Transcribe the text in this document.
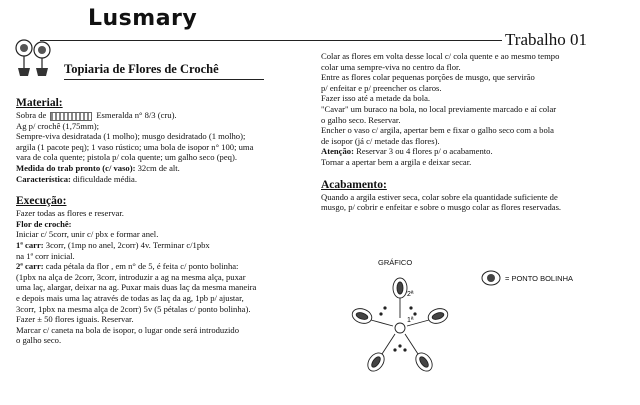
Lusmary
Trabalho 01
Topiaria de Flores de Crochê

Material:

Sobra de	Esmeralda n° 8/3 (cru).

Ag p/ crochê (1,75mm);

Sempre-viva desidratada (1 molho); musgo desidratado (1 molho);

argila (1 pacote peq); 1 vaso rústico; uma bola de isopor n° 100; uma

vara de cola quente; pistola p/ cola quente; um galho seco (peq).

Medida do trab pronto (c/ vaso): 32cm de alt.

Característica: dificuldade média.

Execução:

Fazer todas as flores e reservar.

Flor de crochê:

Iniciar c/ 5corr, unir c/ pbx e formar anel.

1ª carr: 3corr, (1mp no anel, 2corr) 4v. Terminar c/1pbx

na 1ª corr inicial.

2ª carr: cada pétala da flor , em n° de 5, é feita c/ ponto bolinha:

(1pbx na alça de 2corr, 3corr, introduzir a ag na mesma alça, puxar

uma laç, alargar, deixar na ag. Puxar mais duas laç da mesma maneira

e depois mais uma laç através de todas as laç da ag, 1pb p/ ajustar,

3corr, 1pbx na mesma alça de 2corr) 5v (5 pétalas c/ ponto bolinha).

Fazer ± 50 flores iguais. Reservar.

Marcar c/ caneta na bola de isopor, o lugar onde será introduzido

o galho seco.

Colar as flores em volta desse local c/ cola quente e ao mesmo tempo

colar uma sempre-viva no centro da flor.

Entre as flores colar pequenas porções de musgo, que servirão

p/ enfeitar e p/ preencher os claros.

Fazer isso até a metade da bola.

"Cavar" um buraco na bola, no local previamente marcado e aí colar

o galho seco. Reservar.

Encher o vaso c/ argila, apertar bem e fixar o galho seco com a bola

de isopor (já c/ metade das flores).

Atenção: Reservar 3 ou 4 flores p/ o acabamento.

Tornar a apertar bem a argila e deixar secar.

Acabamento:

Quando a argila estiver seca, colar sobre ela quantidade suficiente de

musgo, p/ cobrir e enfeitar e sobre o musgo colar as flores reservadas.

GRÁFICO
2ª
1ª
= PONTO BOLINHA
